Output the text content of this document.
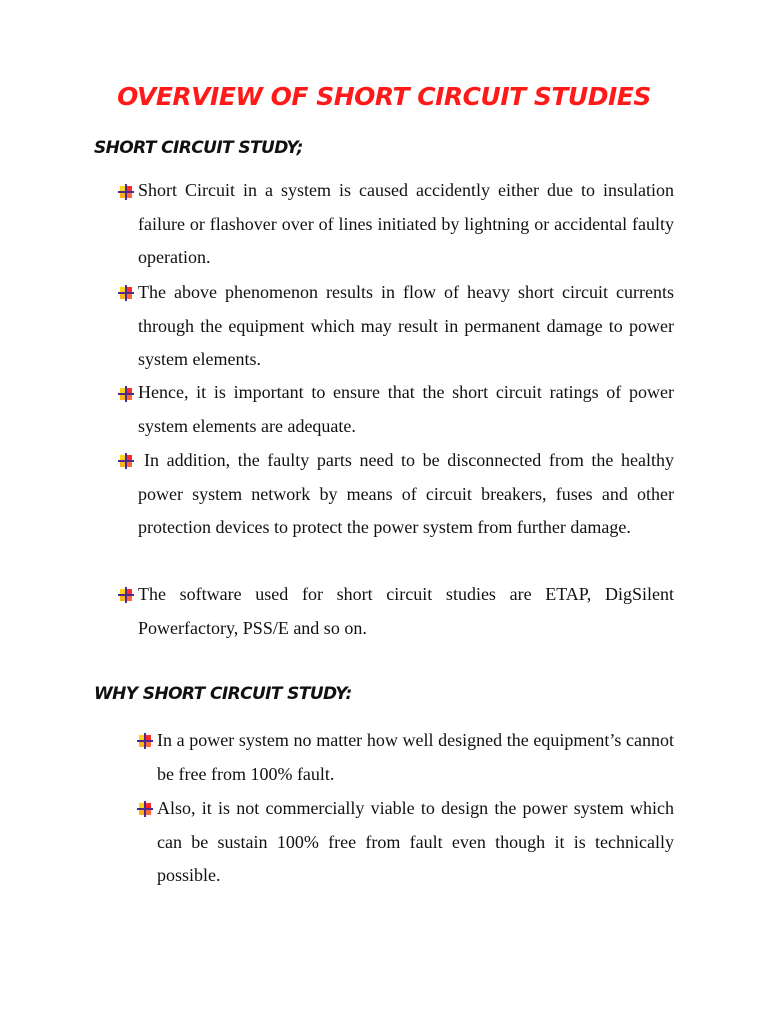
OVERVIEW OF SHORT CIRCUIT STUDIES
SHORT CIRCUIT STUDY;
Short Circuit in a system is caused accidently either due to insulation failure or flashover over of lines initiated by lightning or accidental faulty operation.
The above phenomenon results in flow of heavy short circuit currents through the equipment which may result in permanent damage to power system elements.
Hence, it is important to ensure that the short circuit ratings of power system elements are adequate.
In addition, the faulty parts need to be disconnected from the healthy power system network by means of circuit breakers, fuses and other protection devices to protect the power system from further damage.
The software used for short circuit studies are ETAP, DigSilent Powerfactory, PSS/E and so on.
WHY SHORT CIRCUIT STUDY:
In a power system no matter how well designed the equipment’s cannot be free from 100% fault.
Also, it is not commercially viable to design the power system which can be sustain 100% free from fault even though it is technically possible.
